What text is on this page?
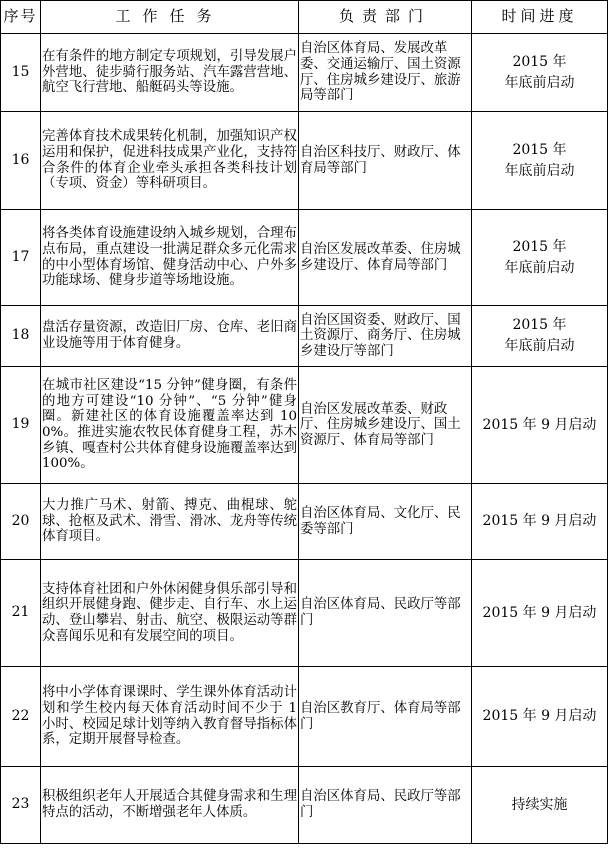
序号	工作任务	负责部门	时间进度
15	在有条件的地方制定专项规划，引导发展户外营地、徒步骑行服务站、汽车露营营地、航空飞行营地、船艇码头等设施。	自治区体育局、发展改革委、交通运输厅、国土资源厅、住房城乡建设厅、旅游局等部门	2015 年
年底前启动
16	完善体育技术成果转化机制，加强知识产权运用和保护，促进科技成果产业化，支持符合条件的体育企业牵头承担各类科技计划（专项、资金）等科研项目。	自治区科技厅、财政厅、体育局等部门	2015 年
年底前启动
17	将各类体育设施建设纳入城乡规划，合理布点布局，重点建设一批满足群众多元化需求的中小型体育场馆、健身活动中心、户外多功能球场、健身步道等场地设施。	自治区发展改革委、住房城乡建设厅、体育局等部门	2015 年
年底前启动
18	盘活存量资源，改造旧厂房、仓库、老旧商业设施等用于体育健身。	自治区国资委、财政厅、国土资源厅、商务厅、住房城乡建设厅等部门	2015 年
年底前启动
19	在城市社区建设“15 分钟”健身圈，有条件的地方可建设“10 分钟”、“5 分钟”健身圈。新建社区的体育设施覆盖率达到 100%。推进实施农牧民体育健身工程，苏木乡镇、嘎查村公共体育健身设施覆盖率达到 100%。	自治区发展改革委、财政厅、住房城乡建设厅、国土资源厅、体育局等部门	2015 年 9 月启动
20	大力推广马术、射箭、搏克、曲棍球、鸵球、抢枢及武术、滑雪、滑冰、龙舟等传统体育项目。	自治区体育局、文化厅、民委等部门	2015 年 9 月启动
21	支持体育社团和户外休闲健身俱乐部引导和组织开展健身跑、健步走、自行车、水上运动、登山攀岩、射击、航空、极限运动等群众喜闻乐见和有发展空间的项目。	自治区体育局、民政厅等部门	2015 年 9 月启动
22	将中小学体育课课时、学生课外体育活动计划和学生校内每天体育活动时间不少于 1 小时、校园足球计划等纳入教育督导指标体系，定期开展督导检查。	自治区教育厅、体育局等部门	2015 年 9 月启动
23	积极组织老年人开展适合其健身需求和生理特点的活动，不断增强老年人体质。	自治区体育局、民政厅等部门	持续实施
